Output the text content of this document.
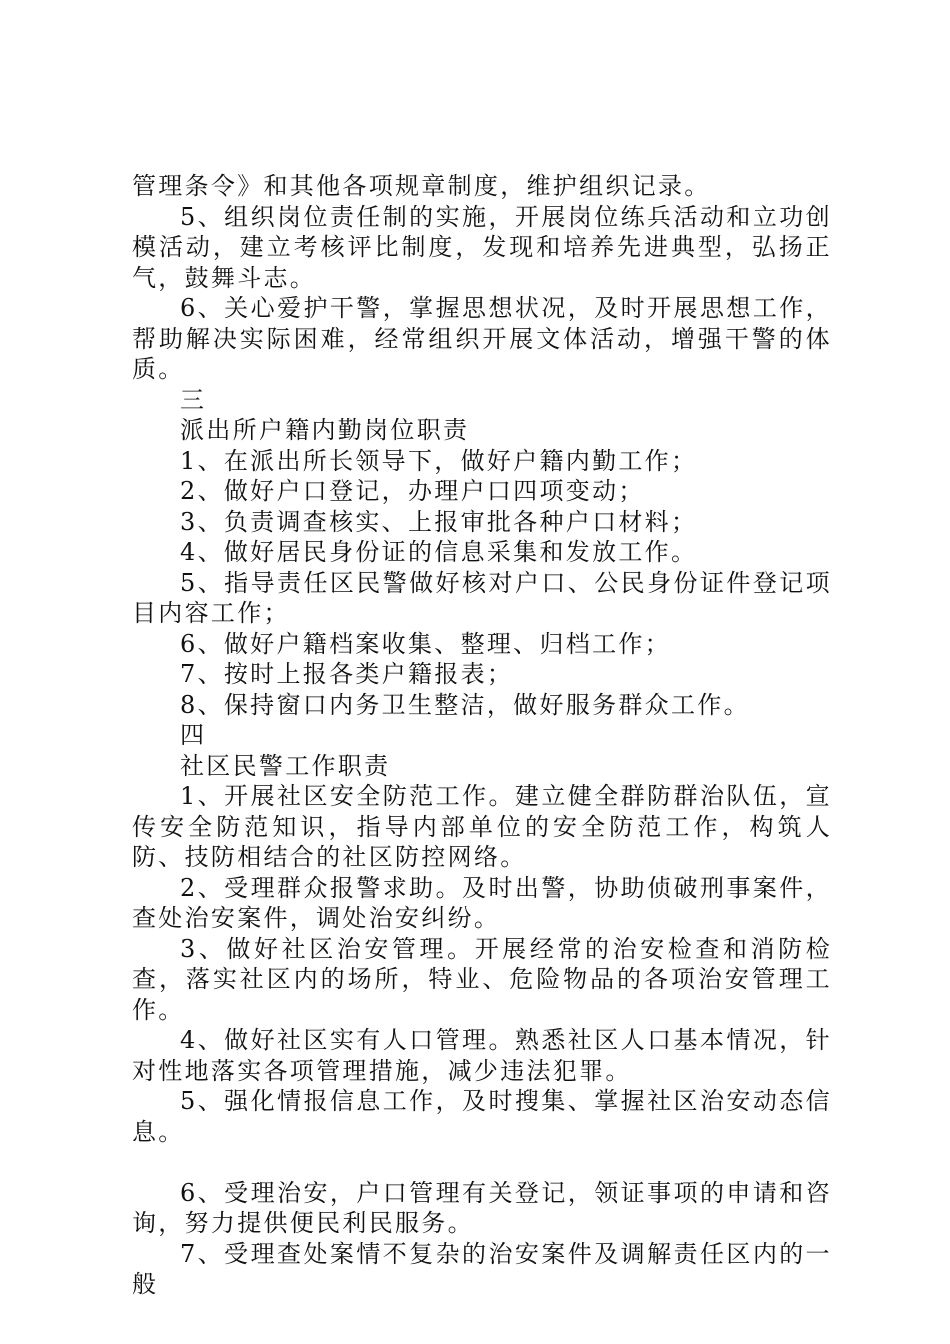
管理条令》和其他各项规章制度，维护组织记录。

5、组织岗位责任制的实施，开展岗位练兵活动和立功创模活动，建立考核评比制度，发现和培养先进典型，弘扬正气，鼓舞斗志。

6、关心爱护干警，掌握思想状况，及时开展思想工作，帮助解决实际困难，经常组织开展文体活动，增强干警的体质。

三

派出所户籍内勤岗位职责

1、在派出所长领导下，做好户籍内勤工作；

2、做好户口登记，办理户口四项变动；

3、负责调查核实、上报审批各种户口材料；

4、做好居民身份证的信息采集和发放工作。

5、指导责任区民警做好核对户口、公民身份证件登记项目内容工作；

6、做好户籍档案收集、整理、归档工作；

7、按时上报各类户籍报表；

8、保持窗口内务卫生整洁，做好服务群众工作。

四

社区民警工作职责

1、开展社区安全防范工作。建立健全群防群治队伍，宣传安全防范知识，指导内部单位的安全防范工作，构筑人防、技防相结合的社区防控网络。

2、受理群众报警求助。及时出警，协助侦破刑事案件，查处治安案件，调处治安纠纷。

3、做好社区治安管理。开展经常的治安检查和消防检查，落实社区内的场所，特业、危险物品的各项治安管理工作。

4、做好社区实有人口管理。熟悉社区人口基本情况，针对性地落实各项管理措施，减少违法犯罪。

5、强化情报信息工作，及时搜集、掌握社区治安动态信息。

6、受理治安，户口管理有关登记，领证事项的申请和咨询，努力提供便民利民服务。

7、受理查处案情不复杂的治安案件及调解责任区内的一般
